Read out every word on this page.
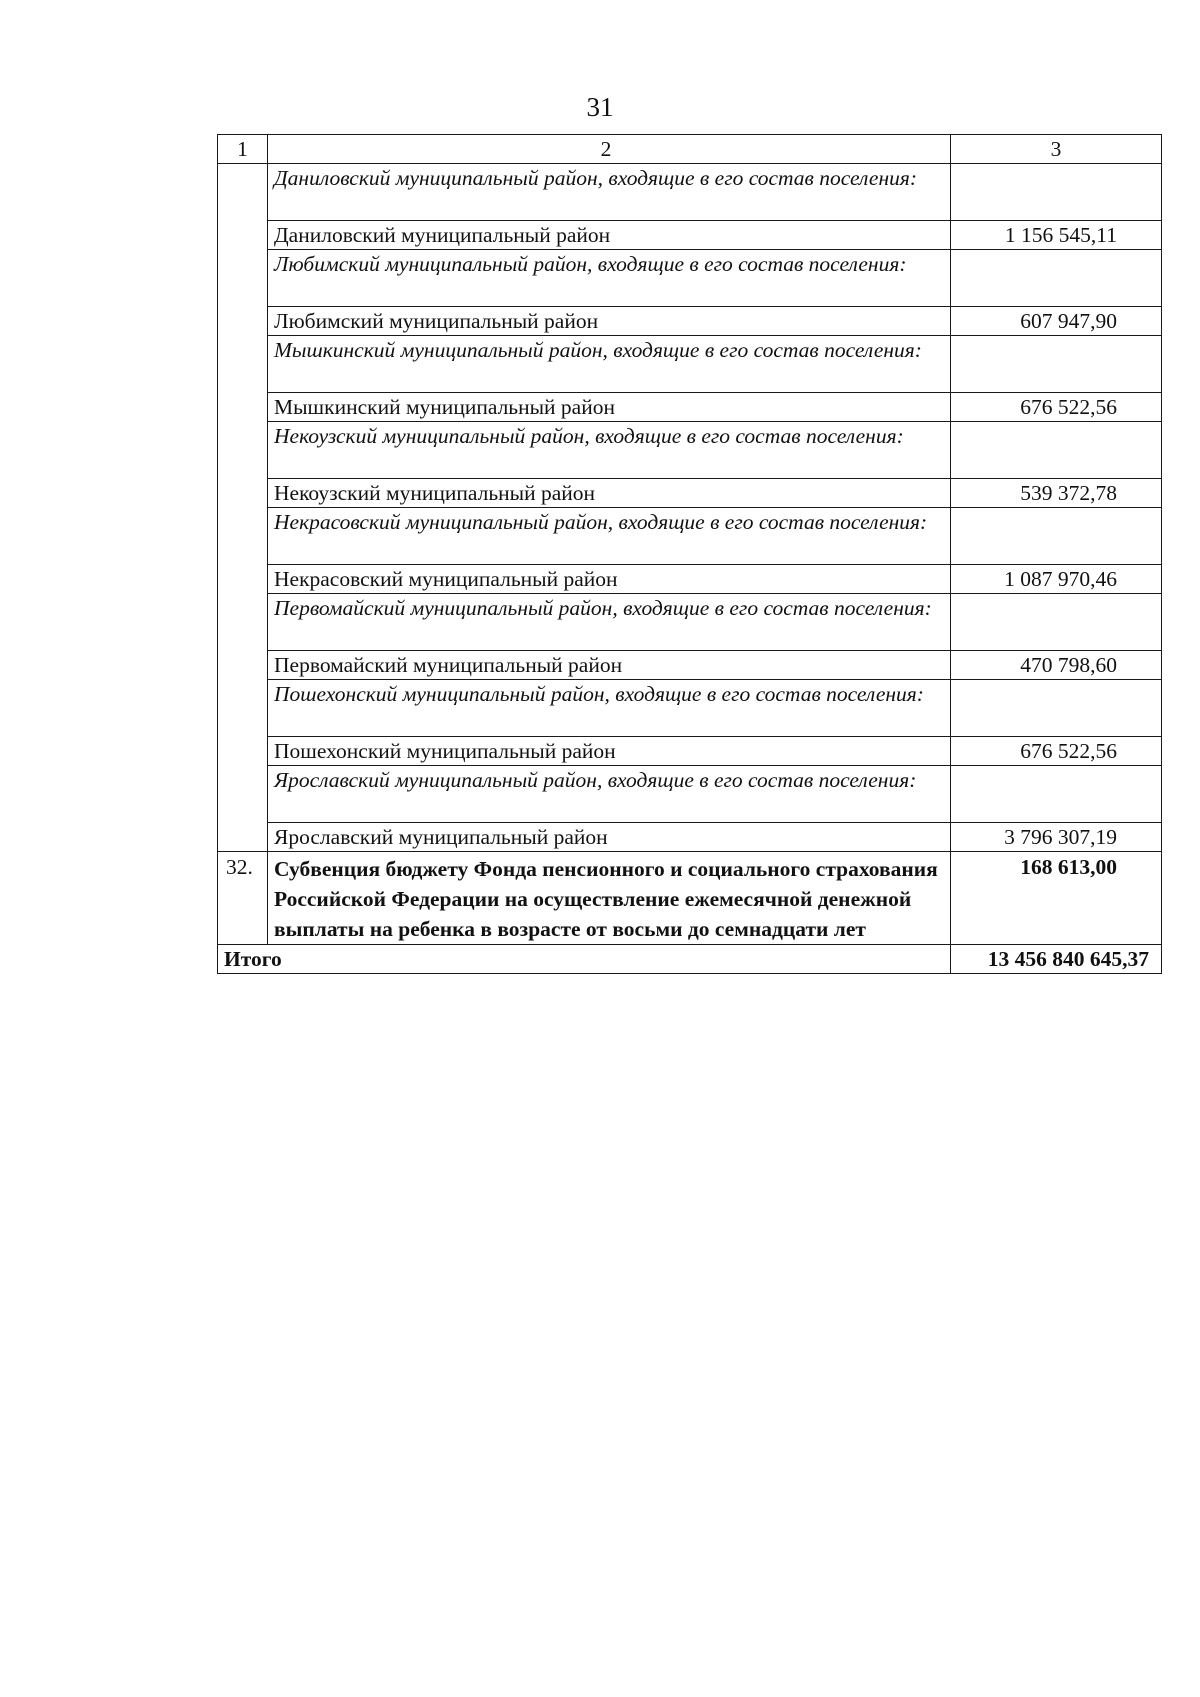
31
1	2	3
	Даниловский муниципальный район, входящие в его состав поселения:	
	Даниловский муниципальный район	1 156 545,11
	Любимский муниципальный район, входящие в его состав поселения:	
	Любимский муниципальный район	607 947,90
	Мышкинский муниципальный район, входящие в его состав поселения:	
	Мышкинский муниципальный район	676 522,56
	Некоузский муниципальный район, входящие в его состав поселения:	
	Некоузский муниципальный район	539 372,78
	Некрасовский муниципальный район, входящие в его состав поселения:	
	Некрасовский муниципальный район	1 087 970,46
	Первомайский муниципальный район, входящие в его состав поселения:	
	Первомайский муниципальный район	470 798,60
	Пошехонский муниципальный район, входящие в его состав поселения:	
	Пошехонский муниципальный район	676 522,56
	Ярославский муниципальный район, входящие в его состав поселения:	
	Ярославский муниципальный район	3 796 307,19
32.	Субвенция бюджету Фонда пенсионного и социального страхования Российской Федерации на осуществление ежемесячной денежной выплаты на ребенка в возрасте от восьми до семнадцати лет	168 613,00
Итого		13 456 840 645,37
